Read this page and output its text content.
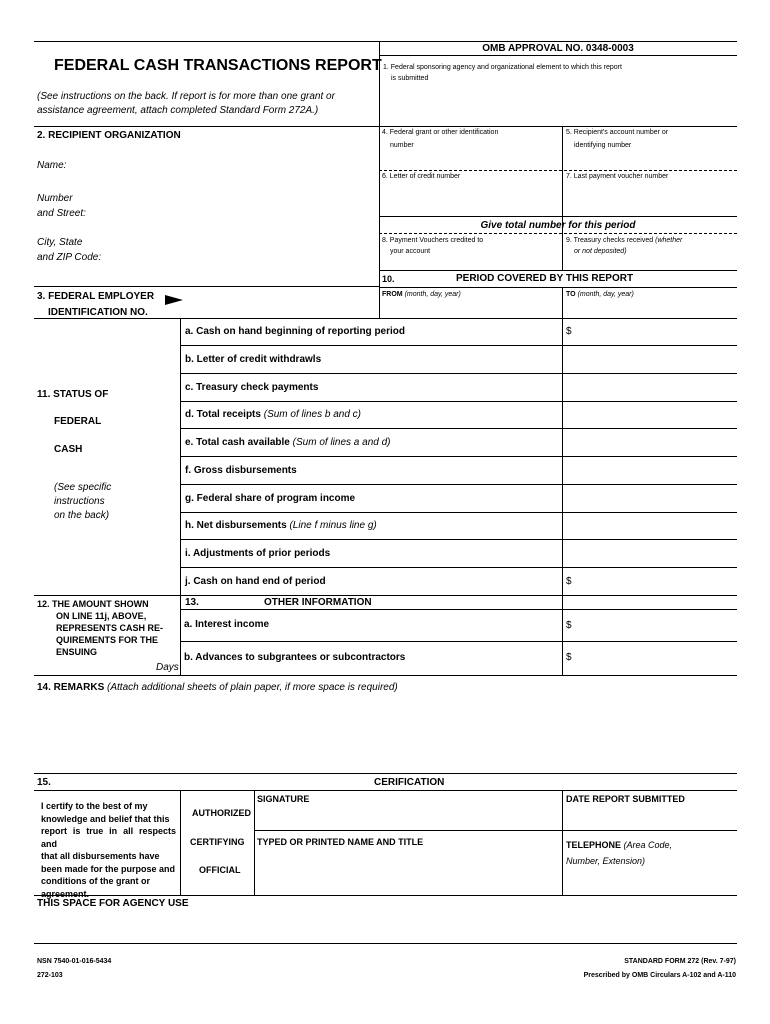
FEDERAL CASH TRANSACTIONS REPORT
OMB APPROVAL NO. 0348-0003
(See instructions on the back. If report is for more than one grant or assistance agreement, attach completed Standard Form 272A.)
1. Federal sponsoring agency and organizational element to which this report
is submitted
2. RECIPIENT ORGANIZATION
Name:
Number
and Street:
City, State
and ZIP Code:
4. Federal grant or other identification
number
5. Recipient's account number or
identifying number
6. Letter of credit number	7. Last payment voucher number
Give total number for this period
8. Payment Vouchers credited to
your account
9. Treasury checks received (whether
or not deposited)
10.	PERIOD COVERED BY THIS REPORT
FROM (month, day, year)	TO (month, day, year)
3. FEDERAL EMPLOYER
IDENTIFICATION NO.
11. STATUS OF
FEDERAL
CASH
(See specific
instructions
on the back)
a. Cash on hand beginning of reporting period	$
b. Letter of credit withdrawls
c. Treasury check payments
d. Total receipts (Sum of lines b and c)
e. Total cash available (Sum of lines a and d)
f. Gross disbursements
g. Federal share of program income
h. Net disbursements (Line f minus line g)
i. Adjustments of prior periods
j. Cash on hand end of period	$
12. THE AMOUNT SHOWN
ON LINE 11j, ABOVE,
REPRESENTS CASH RE-
QUIREMENTS FOR THE
ENSUING
Days
13.	OTHER INFORMATION
a. Interest income	$
b. Advances to subgrantees or subcontractors	$
14. REMARKS (Attach additional sheets of plain paper, if more space is required)
15.	CERIFICATION
I certify to the best of my
knowledge and belief that this
report is true in all respects and
that all disbursements have
been made for the purpose and
conditions of the grant or
agreement.
AUTHORIZED
CERTIFYING
OFFICIAL
SIGNATURE	DATE REPORT SUBMITTED
TYPED OR PRINTED NAME AND TITLE	TELEPHONE (Area Code,
Number, Extension)
THIS SPACE FOR AGENCY USE
NSN 7540-01-016-5434
272-103
STANDARD FORM 272 (Rev. 7-97)
Prescribed by OMB Circulars A-102 and A-110
